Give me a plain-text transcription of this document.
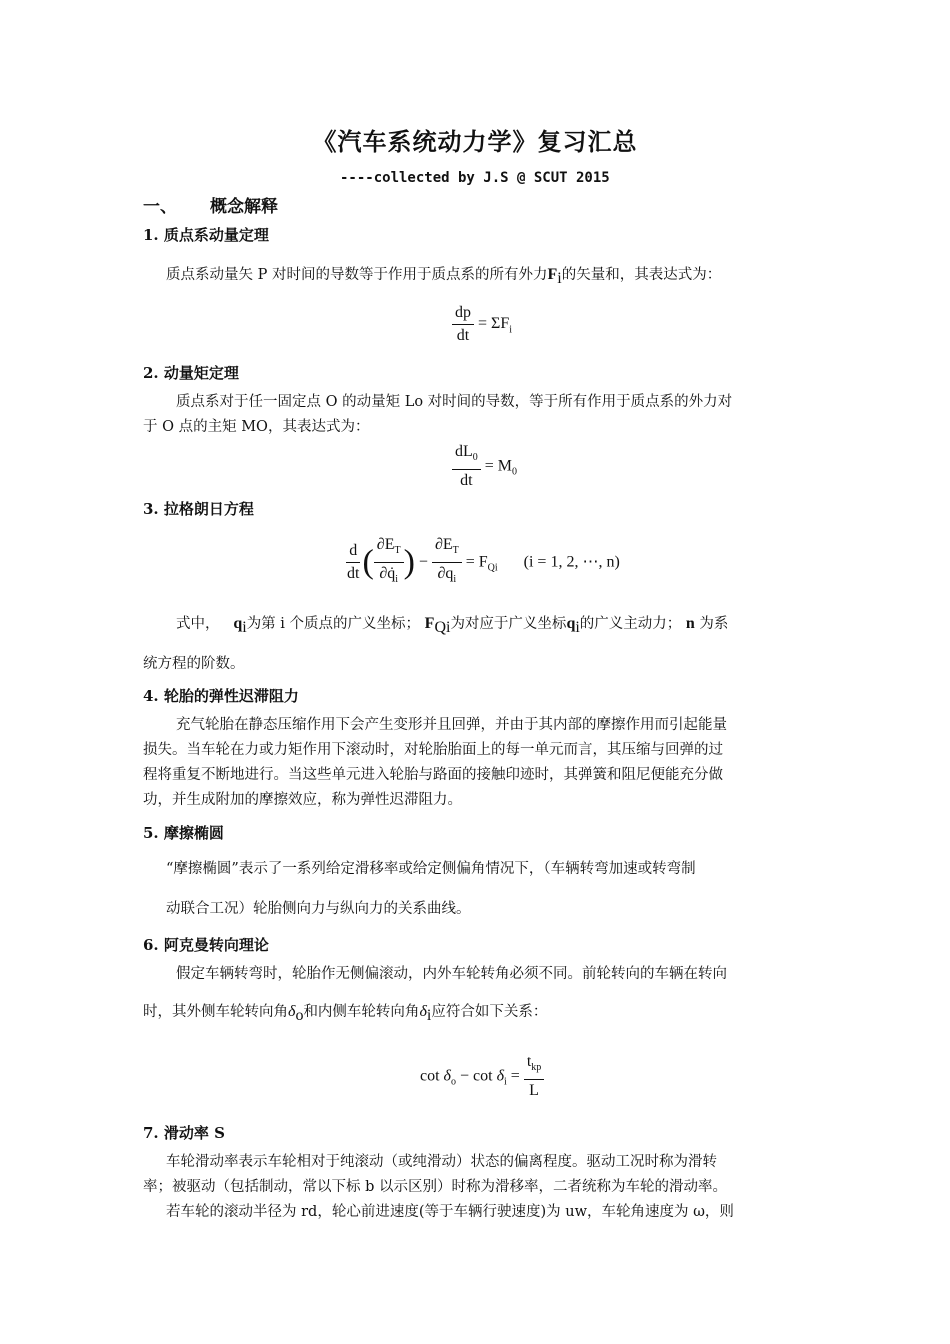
《汽车系统动力学》复习汇总
----collected by J.S @ SCUT 2015
一、 概念解释
1. 质点系动量定理
质点系动量矢 P 对时间的导数等于作用于质点系的所有外力$F_i$的矢量和，其表达式为：
$\frac{dp}{dt} = \Sigma F_i$
2. 动量矩定理
质点系对于任一固定点 O 的动量矩 Lo 对时间的导数，等于所有作用于质点系的外力对
于 O 点的主矩 MO，其表达式为：
$\frac{dL_0}{dt} = M_0$
3. 拉格朗日方程
$\frac{d}{dt}$ ( $\frac{\partial E_T}{\partial q̇_i}$ ) − $\frac{\partial E_T}{\partial q_i} = F_{Qi}$ (i = 1, 2, ⋯, n)
式中， $q_i$为第 i 个质点的广义坐标； $F_{Qi}$为对应于广义坐标$q_i$的广义主动力； n 为系
统方程的阶数。
4. 轮胎的弹性迟滞阻力
充气轮胎在静态压缩作用下会产生变形并且回弹，并由于其内部的摩擦作用而引起能量
损失。当车轮在力或力矩作用下滚动时，对轮胎胎面上的每一单元而言，其压缩与回弹的过
程将重复不断地进行。当这些单元进入轮胎与路面的接触印迹时，其弹簧和阻尼便能充分做
功，并生成附加的摩擦效应，称为弹性迟滞阻力。
5. 摩擦椭圆
“摩擦椭圆”表示了一系列给定滑移率或给定侧偏角情况下，（车辆转弯加速或转弯制
动联合工况）轮胎侧向力与纵向力的关系曲线。
6. 阿克曼转向理论
假定车辆转弯时，轮胎作无侧偏滚动，内外车轮转角必须不同。前轮转向的车辆在转向
时，其外侧车轮转向角$\delta_o$和内侧车轮转向角$\delta_i$应符合如下关系：
$\cot \delta_o - \cot \delta_i = \frac{t_{kp}}{L}$
7. 滑动率 S
车轮滑动率表示车轮相对于纯滚动（或纯滑动）状态的偏离程度。驱动工况时称为滑转
率；被驱动（包括制动，常以下标 b 以示区别）时称为滑移率，二者统称为车轮的滑动率。
若车轮的滚动半径为 rd，轮心前进速度(等于车辆行驶速度)为 uw，车轮角速度为 ω，则
